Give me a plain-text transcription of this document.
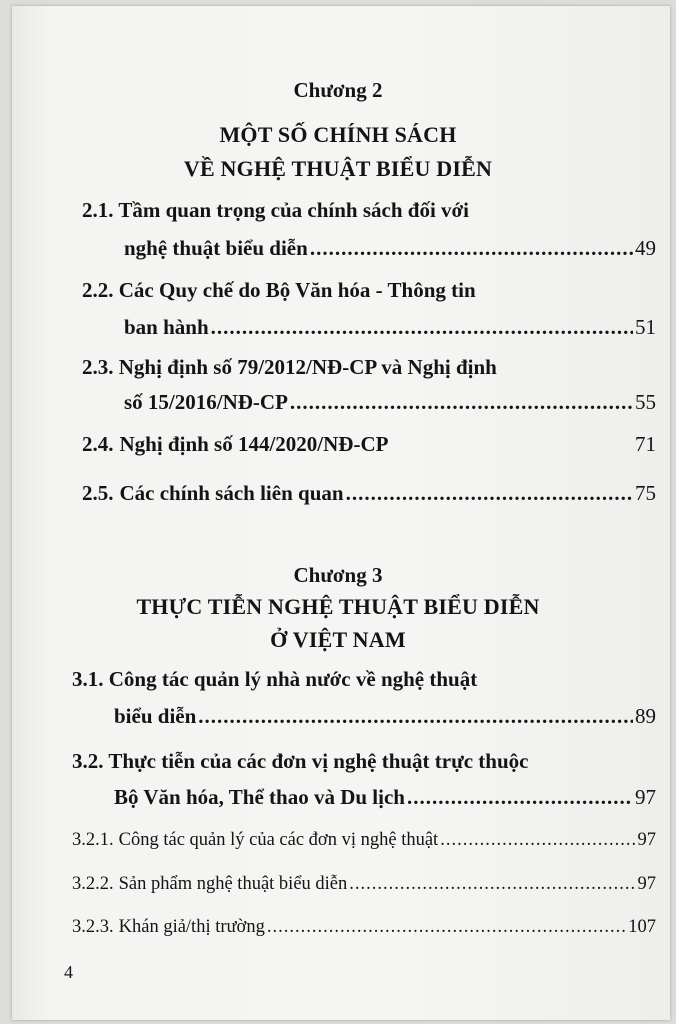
Chương 2
MỘT SỐ CHÍNH SÁCH
VỀ NGHỆ THUẬT BIỂU DIỄN
2.1. Tầm quan trọng của chính sách đối với
nghệ thuật biểu diễn .....	49
2.2. Các Quy chế do Bộ Văn hóa - Thông tin
ban hành .....	51
2.3. Nghị định số 79/2012/NĐ-CP và Nghị định
số 15/2016/NĐ-CP .....	55
2.4. Nghị định số 144/2020/NĐ-CP	71
2.5. Các chính sách liên quan .....	75
Chương 3
THỰC TIỄN NGHỆ THUẬT BIỂU DIỄN
Ở VIỆT NAM
3.1. Công tác quản lý nhà nước về nghệ thuật
biểu diễn .....	89
3.2. Thực tiễn của các đơn vị nghệ thuật trực thuộc
Bộ Văn hóa, Thể thao và Du lịch .....	97
3.2.1. Công tác quản lý của các đơn vị nghệ thuật .....	97
3.2.2. Sản phẩm nghệ thuật biểu diễn .....	97
3.2.3. Khán giả/thị trường .....	107
4
